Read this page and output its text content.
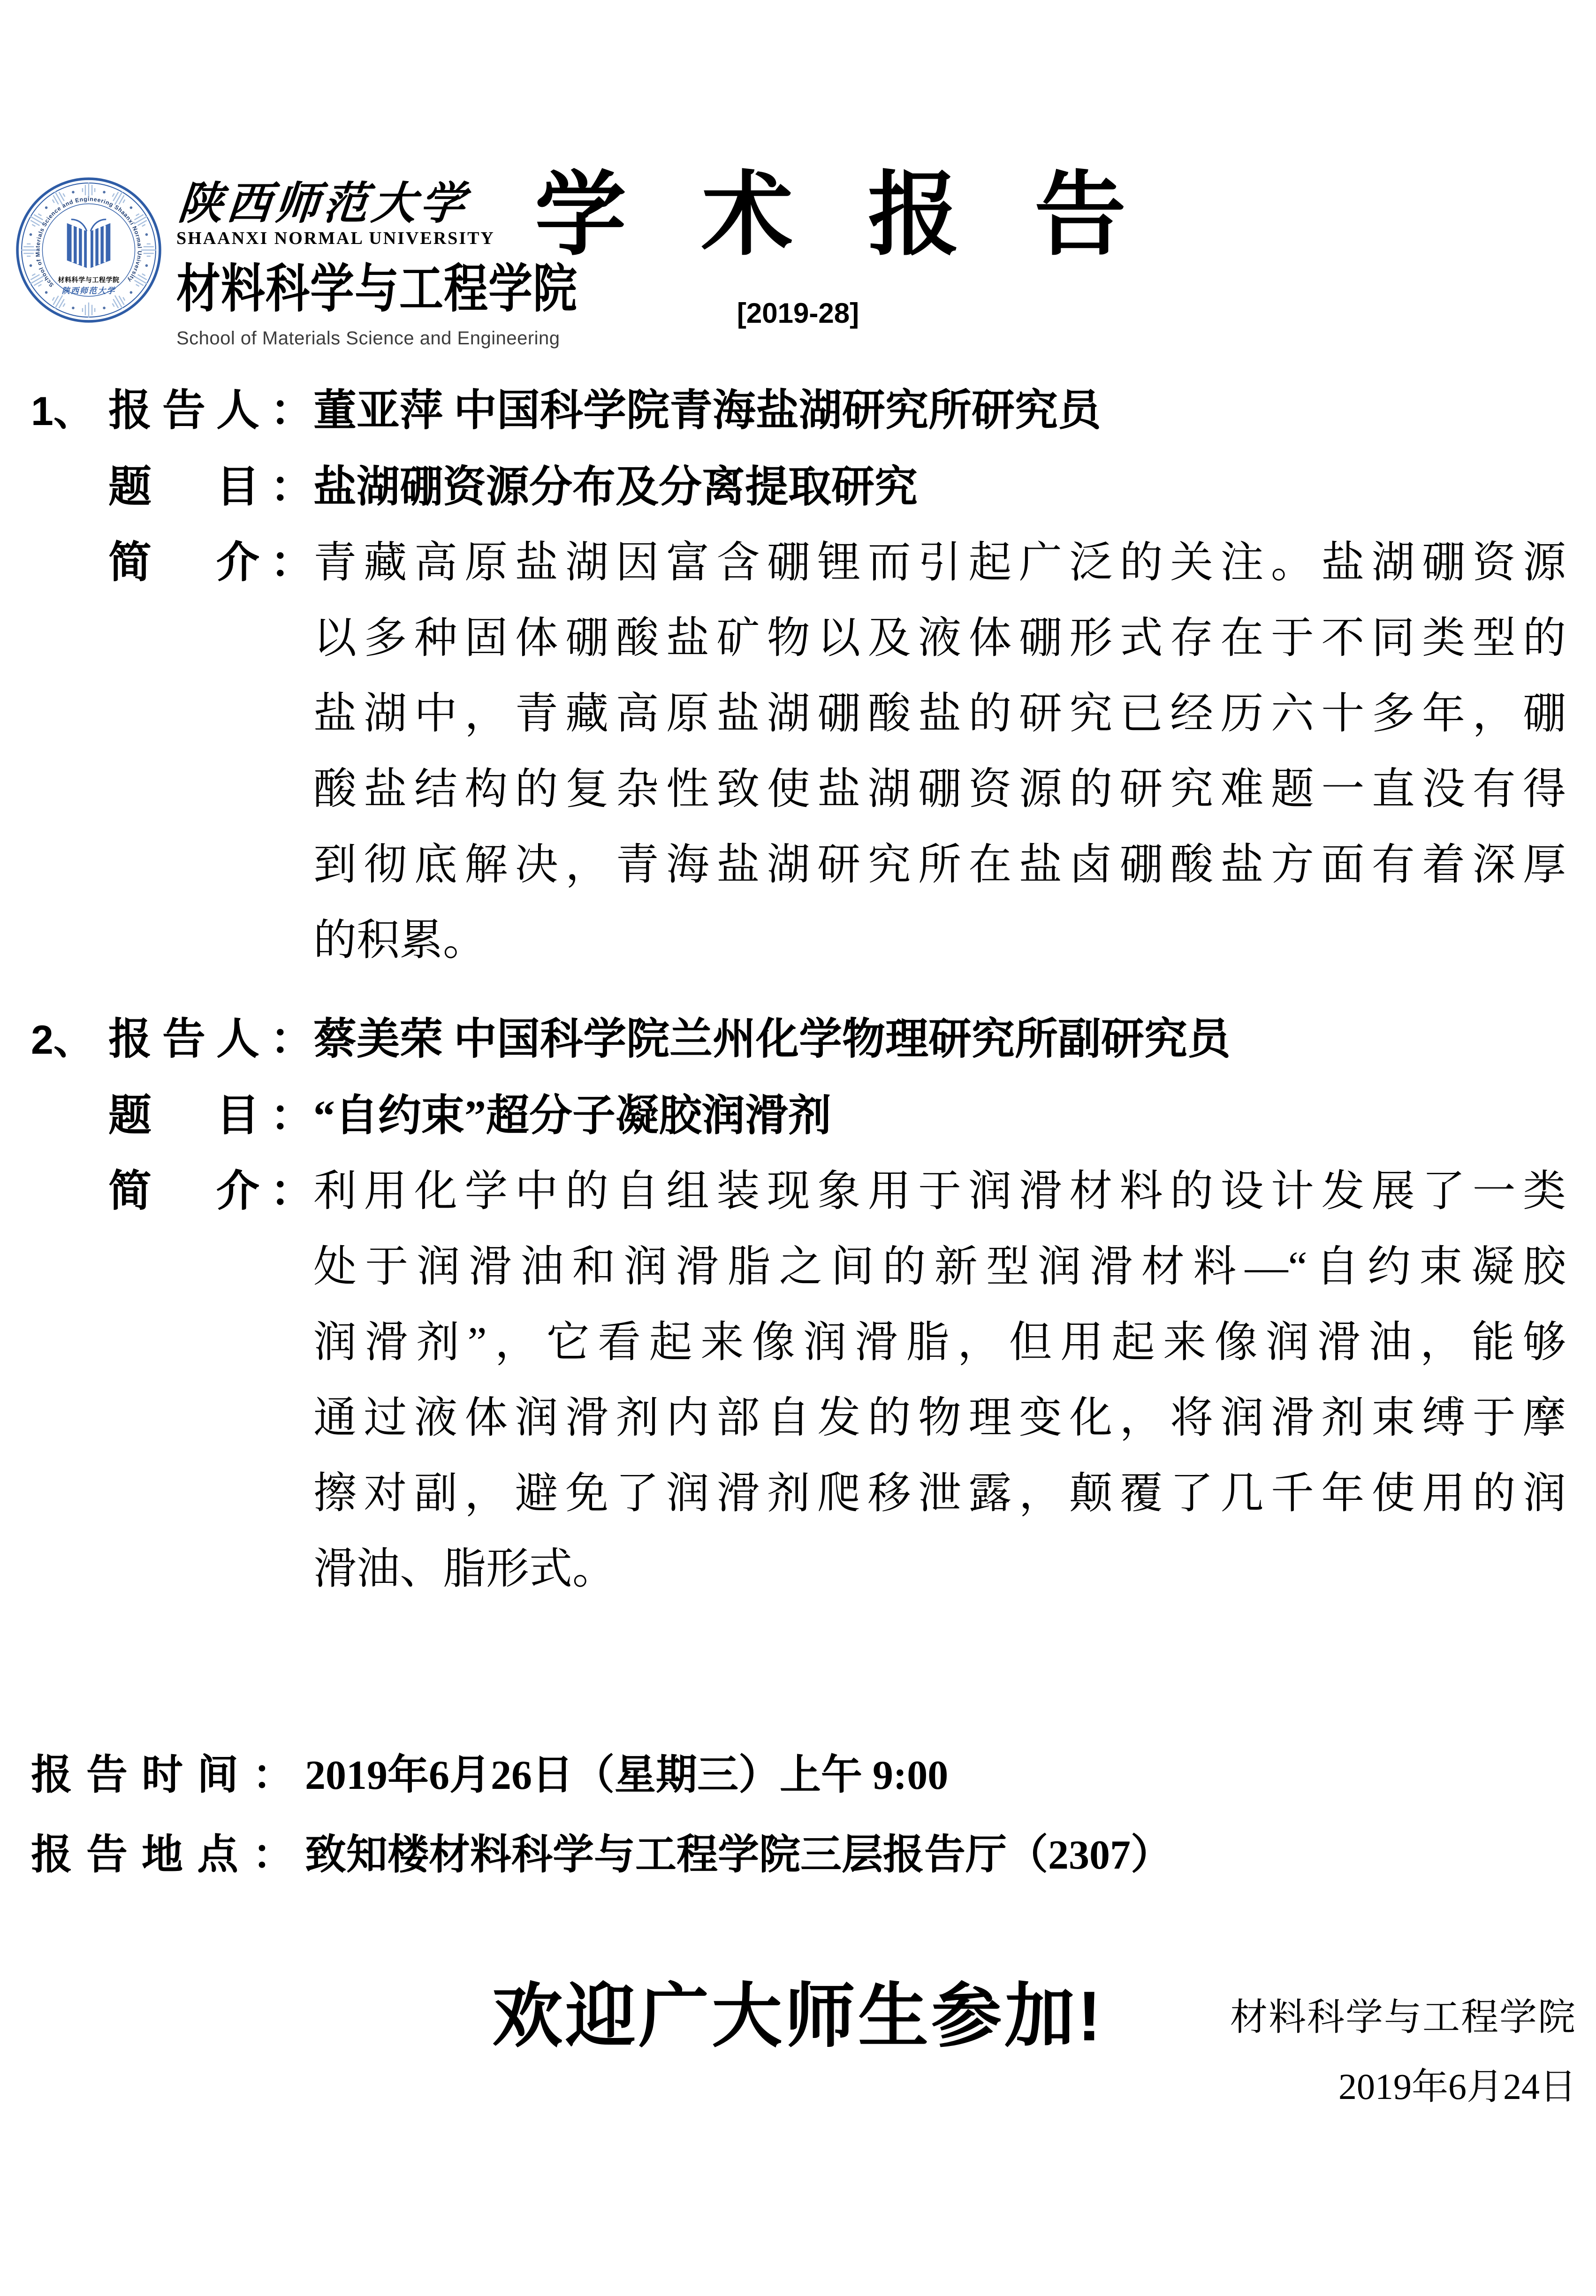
School of Materials Science and Engineering Shaanxi Normal University
材料科学与工程学院
陕西师范大学
陕西师范大学
SHAANXI NORMAL UNIVERSITY
材料科学与工程学院
School of Materials Science and Engineering
学术报告
[2019-28]
1、 报告人： 董亚萍 中国科学院青海盐湖研究所研究员
题　目： 盐湖硼资源分布及分离提取研究
简　介： 青藏高原盐湖因富含硼锂而引起广泛的关注。盐湖硼资源
以多种固体硼酸盐矿物以及液体硼形式存在于不同类型的
盐湖中，青藏高原盐湖硼酸盐的研究已经历六十多年，硼
酸盐结构的复杂性致使盐湖硼资源的研究难题一直没有得
到彻底解决，青海盐湖研究所在盐卤硼酸盐方面有着深厚
的积累。
2、 报告人： 蔡美荣 中国科学院兰州化学物理研究所副研究员
题　目： “自约束”超分子凝胶润滑剂
简　介： 利用化学中的自组装现象用于润滑材料的设计发展了一类
处于润滑油和润滑脂之间的新型润滑材料—“自约束凝胶
润滑剂”，它看起来像润滑脂，但用起来像润滑油，能够
通过液体润滑剂内部自发的物理变化，将润滑剂束缚于摩
擦对副，避免了润滑剂爬移泄露，颠覆了几千年使用的润
滑油、脂形式。
报 告 时 间 ： 2019年6月26日（星期三）上午 9:00
报 告 地 点 ： 致知楼材料科学与工程学院三层报告厅（2307）
欢迎广大师生参加!	材料科学与工程学院
2019年6月24日
